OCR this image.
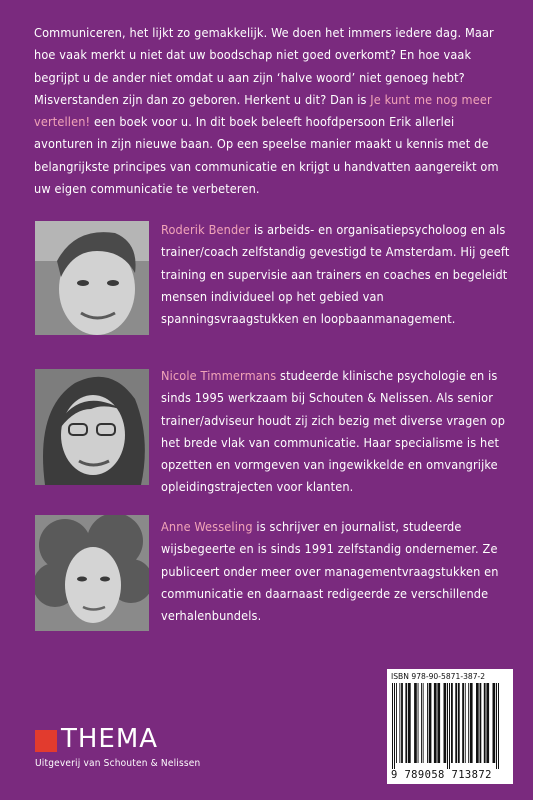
Communiceren, het lijkt zo gemakkelijk. We doen het immers iedere dag. Maar hoe vaak merkt u niet dat uw boodschap niet goed overkomt? En hoe vaak begrijpt u de ander niet omdat u aan zijn ‘halve woord’ niet genoeg hebt? Misverstanden zijn dan zo geboren. Herkent u dit? Dan is Je kunt me nog meer vertellen! een boek voor u. In dit boek beleeft hoofdpersoon Erik allerlei avonturen in zijn nieuwe baan. Op een speelse manier maakt u kennis met de belangrijkste principes van communicatie en krijgt u handvatten aangereikt om uw eigen communicatie te verbeteren.
Roderik Bender is arbeids- en organisatiepsycholoog en als trainer/coach zelfstandig gevestigd te Amsterdam. Hij geeft training en supervisie aan trainers en coaches en begeleidt mensen individueel op het gebied van spanningsvraagstukken en loopbaanmanagement.
Nicole Timmermans studeerde klinische psychologie en is sinds 1995 werkzaam bij Schouten & Nelissen. Als senior trainer/adviseur houdt zij zich bezig met diverse vragen op het brede vlak van communicatie. Haar specialisme is het opzetten en vormgeven van ingewikkelde en omvangrijke opleidingstrajecten voor klanten.
Anne Wesseling is schrijver en journalist, studeerde wijsbegeerte en is sinds 1991 zelfstandig ondernemer. Ze publiceert onder meer over managementvraagstukken en communicatie en daarnaast redigeerde ze verschillende verhalenbundels.
THEMA
Uitgeverij van Schouten & Nelissen
ISBN 978-90-5871-387-2
9 789058 713872
